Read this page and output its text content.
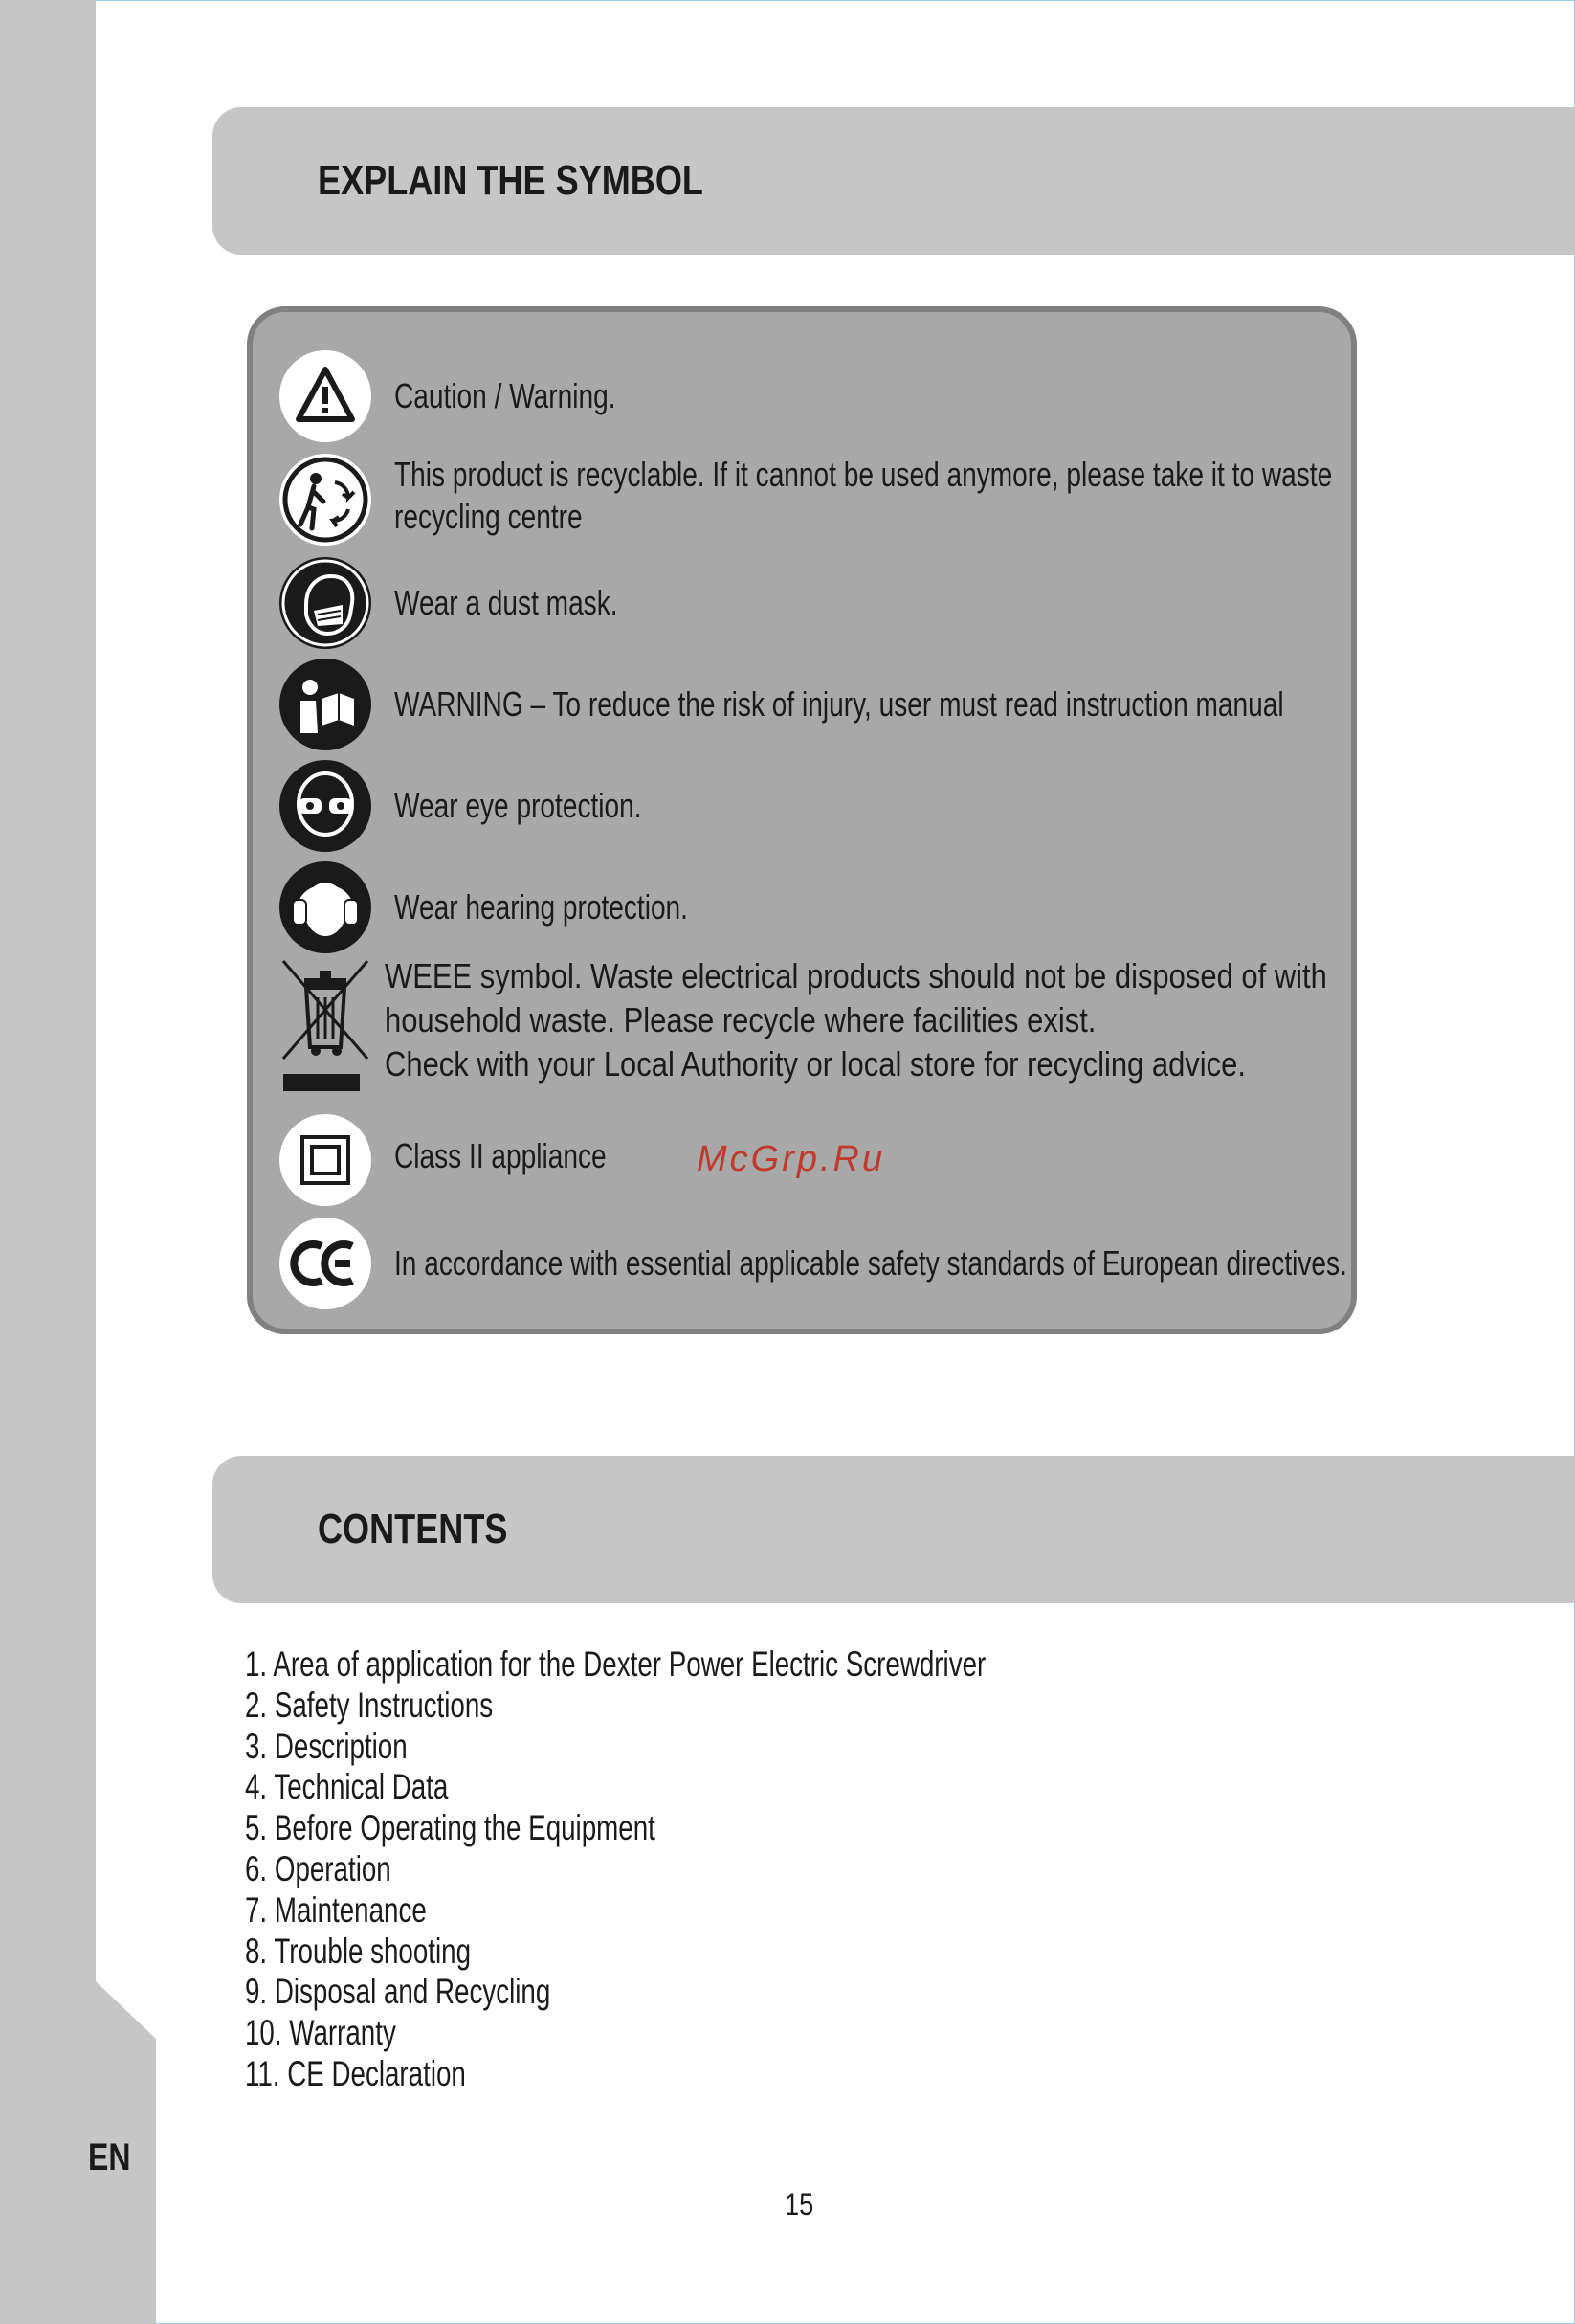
EN
EXPLAIN THE SYMBOL
Caution / Warning.
This product is recyclable. If it cannot be used anymore, please take it to waste
recycling centre
Wear a dust mask.
WARNING – To reduce the risk of injury, user must read instruction manual
Wear eye protection.
Wear hearing protection.
WEEE symbol. Waste electrical products should not be disposed of with
household waste. Please recycle where facilities exist.
Check with your Local Authority or local store for recycling advice.
Class II appliance
In accordance with essential applicable safety standards of European directives.
McGrp.Ru
CONTENTS
1. Area of application for the Dexter Power Electric Screwdriver
2. Safety Instructions
3. Description
4. Technical Data
5. Before Operating the Equipment
6. Operation
7. Maintenance
8. Trouble shooting
9. Disposal and Recycling
10. Warranty
11. CE Declaration
15
